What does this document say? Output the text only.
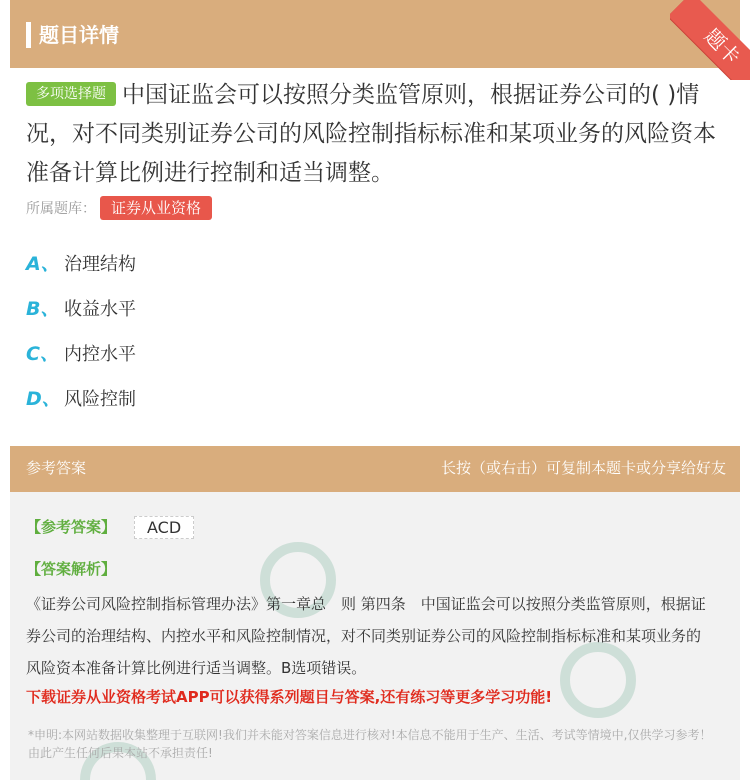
题目详情	题卡
多项选择题 中国证监会可以按照分类监管原则，根据证券公司的( )情况，对不同类别证券公司的风险控制指标标准和某项业务的风险资本准备计算比例进行控制和适当调整。
所属题库： 证券从业资格
A、 治理结构
B、 收益水平
C、 内控水平
D、 风险控制
参考答案	长按（或右击）可复制本题卡或分享给好友
【参考答案】	ACD
【答案解析】
《证券公司风险控制指标管理办法》第一章总　则 第四条　中国证监会可以按照分类监管原则，根据证券公司的治理结构、内控水平和风险控制情况，对不同类别证券公司的风险控制指标标准和某项业务的风险资本准备计算比例进行适当调整。B选项错误。
下载证券从业资格考试APP可以获得系列题目与答案,还有练习等更多学习功能!
*申明:本网站数据收集整理于互联网!我们并未能对答案信息进行核对!本信息不能用于生产、生活、考试等情境中,仅供学习参考！由此产生任何后果本站不承担责任!
